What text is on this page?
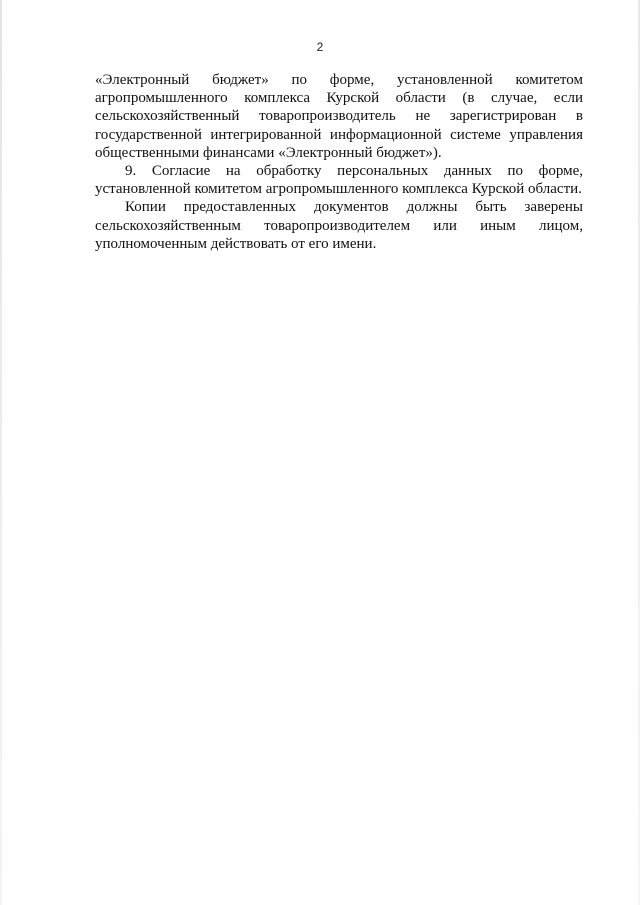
2

«Электронный бюджет» по форме, установленной комитетом агропромышленного комплекса Курской области (в случае, если сельскохозяйственный товаропроизводитель не зарегистрирован в государственной интегрированной информационной системе управления общественными финансами «Электронный бюджет»).

9. Согласие на обработку персональных данных по форме, установленной комитетом агропромышленного комплекса Курской области.

Копии предоставленных документов должны быть заверены сельскохозяйственным товаропроизводителем или иным лицом, уполномоченным действовать от его имени.
